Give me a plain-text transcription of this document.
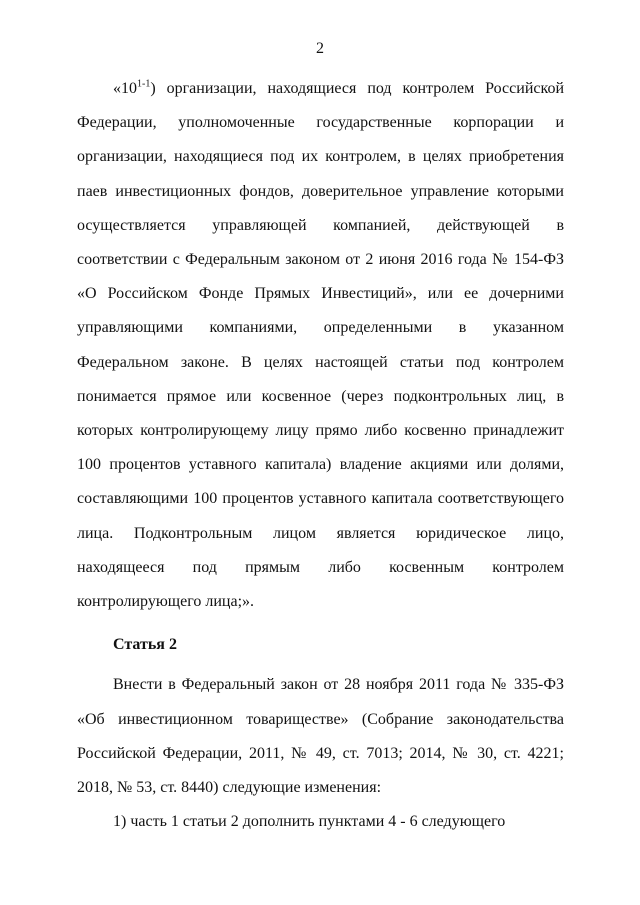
2

«10$^{1-1}$) организации, находящиеся под контролем Российской Федерации, уполномоченные государственные корпорации и организации, находящиеся под их контролем, в целях приобретения паев инвестиционных фондов, доверительное управление которыми осуществляется управляющей компанией, действующей в соответствии с Федеральным законом от 2 июня 2016 года № 154-ФЗ «О Российском Фонде Прямых Инвестиций», или ее дочерними управляющими компаниями, определенными в указанном Федеральном законе. В целях настоящей статьи под контролем понимается прямое или косвенное (через подконтрольных лиц, в которых контролирующему лицу прямо либо косвенно принадлежит 100 процентов уставного капитала) владение акциями или долями, составляющими 100 процентов уставного капитала соответствующего лица. Подконтрольным лицом является юридическое лицо, находящееся под прямым либо косвенным контролем контролирующего лица;».

Статья 2

Внести в Федеральный закон от 28 ноября 2011 года № 335-ФЗ «Об инвестиционном товариществе» (Собрание законодательства Российской Федерации, 2011, № 49, ст. 7013; 2014, № 30, ст. 4221; 2018, № 53, ст. 8440) следующие изменения:

1) часть 1 статьи 2 дополнить пунктами 4 - 6 следующего
